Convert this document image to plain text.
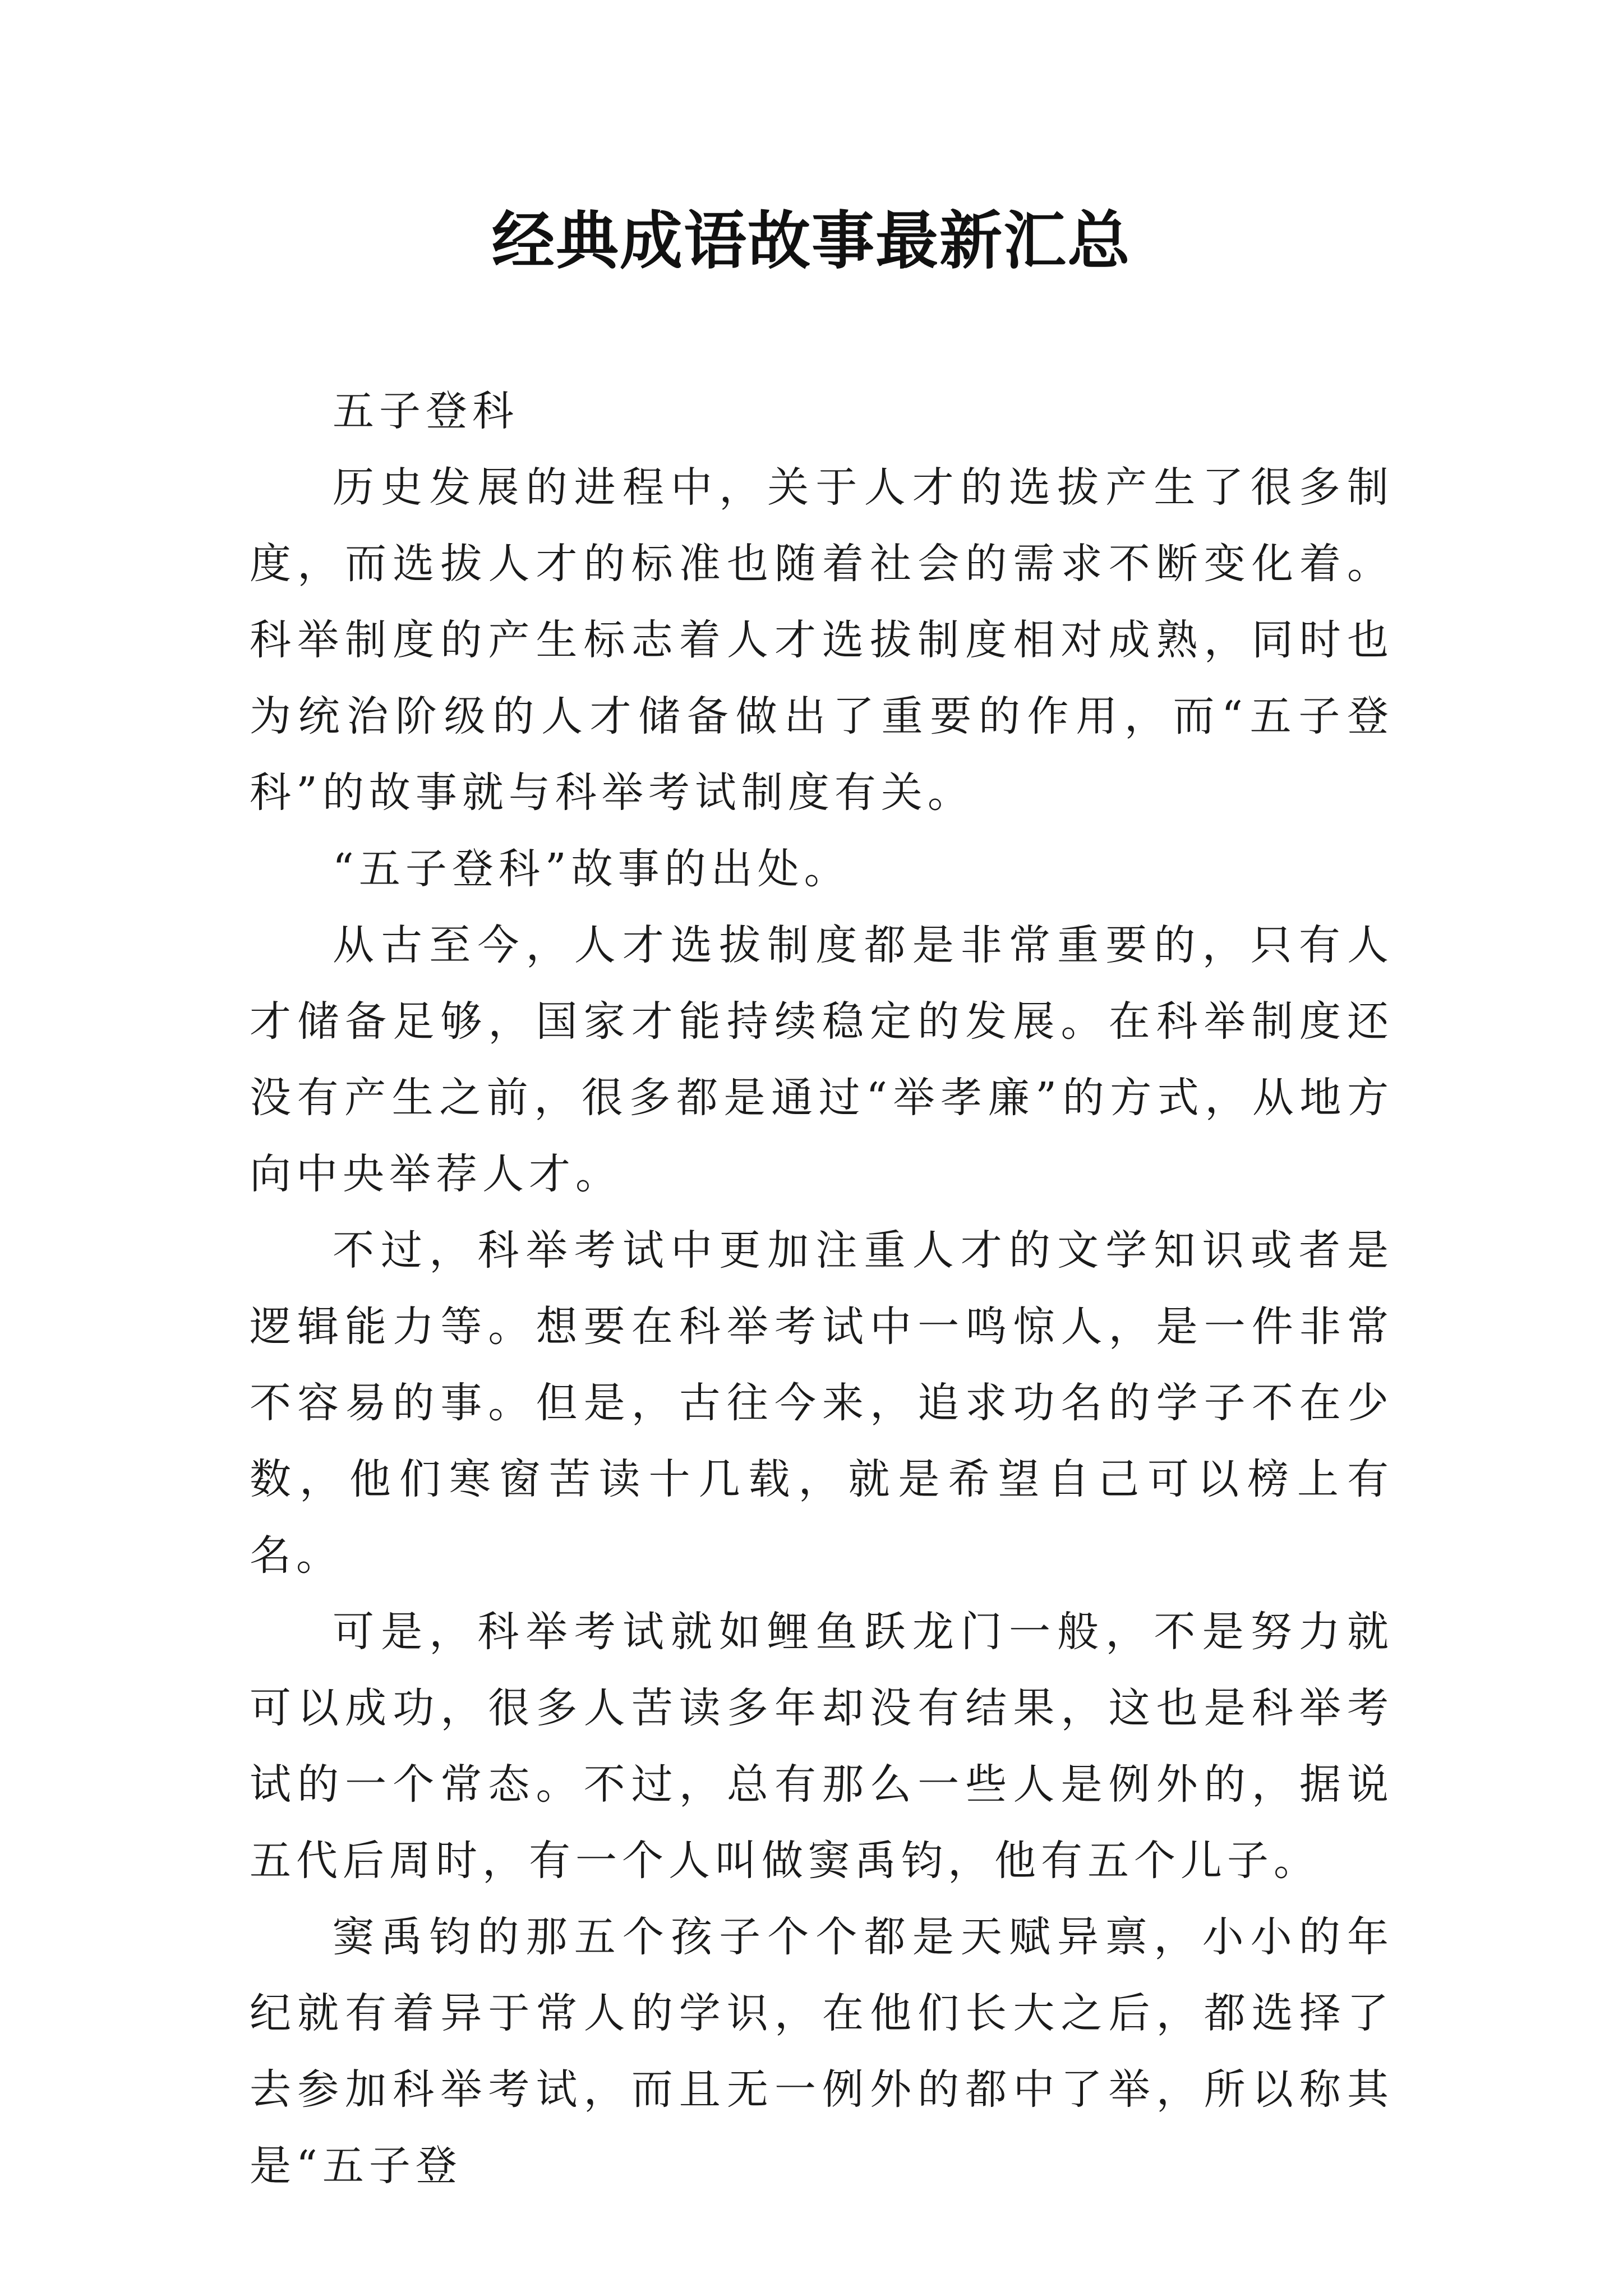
经典成语故事最新汇总

五子登科

历史发展的进程中，关于人才的选拔产生了很多制度，而选拔人才的标准也随着社会的需求不断变化着。科举制度的产生标志着人才选拔制度相对成熟，同时也为统治阶级的人才储备做出了重要的作用，而“五子登科”的故事就与科举考试制度有关。

“五子登科”故事的出处。

从古至今，人才选拔制度都是非常重要的，只有人才储备足够，国家才能持续稳定的发展。在科举制度还没有产生之前，很多都是通过“举孝廉”的方式，从地方向中央举荐人才。

不过，科举考试中更加注重人才的文学知识或者是逻辑能力等。想要在科举考试中一鸣惊人，是一件非常不容易的事。但是，古往今来，追求功名的学子不在少数，他们寒窗苦读十几载，就是希望自己可以榜上有名。

可是，科举考试就如鲤鱼跃龙门一般，不是努力就可以成功，很多人苦读多年却没有结果，这也是科举考试的一个常态。不过，总有那么一些人是例外的，据说五代后周时，有一个人叫做窦禹钧，他有五个儿子。

窦禹钧的那五个孩子个个都是天赋异禀，小小的年纪就有着异于常人的学识，在他们长大之后，都选择了去参加科举考试，而且无一例外的都中了举，所以称其是“五子登
